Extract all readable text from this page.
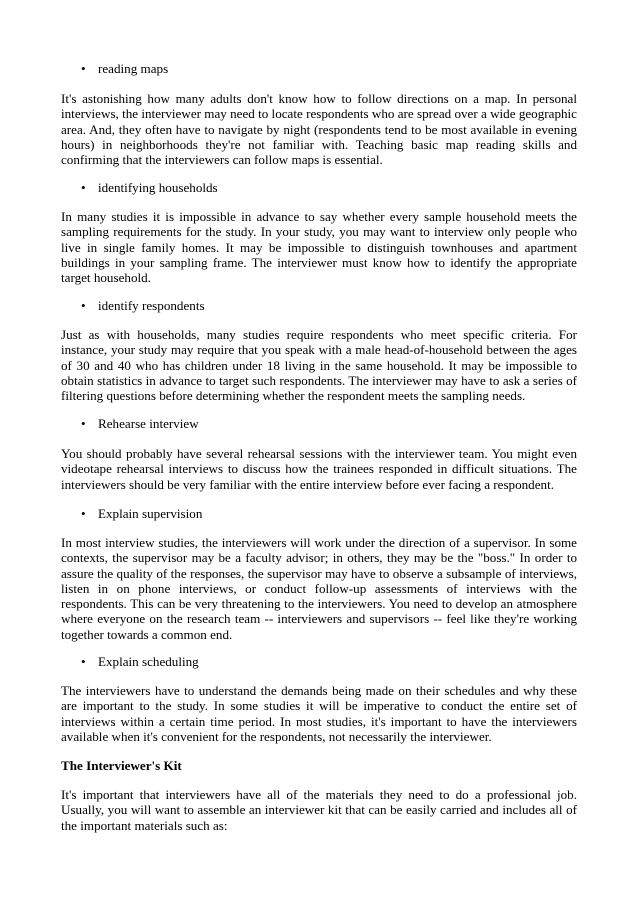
• reading maps

It's astonishing how many adults don't know how to follow directions on a map. In personal interviews, the interviewer may need to locate respondents who are spread over a wide geographic area. And, they often have to navigate by night (respondents tend to be most available in evening hours) in neighborhoods they're not familiar with. Teaching basic map reading skills and confirming that the interviewers can follow maps is essential.

• identifying households

In many studies it is impossible in advance to say whether every sample household meets the sampling requirements for the study. In your study, you may want to interview only people who live in single family homes. It may be impossible to distinguish townhouses and apartment buildings in your sampling frame. The interviewer must know how to identify the appropriate target household.

• identify respondents

Just as with households, many studies require respondents who meet specific criteria. For instance, your study may require that you speak with a male head-of-household between the ages of 30 and 40 who has children under 18 living in the same household. It may be impossible to obtain statistics in advance to target such respondents. The interviewer may have to ask a series of filtering questions before determining whether the respondent meets the sampling needs.

• Rehearse interview

You should probably have several rehearsal sessions with the interviewer team. You might even videotape rehearsal interviews to discuss how the trainees responded in difficult situations. The interviewers should be very familiar with the entire interview before ever facing a respondent.

• Explain supervision

In most interview studies, the interviewers will work under the direction of a supervisor. In some contexts, the supervisor may be a faculty advisor; in others, they may be the "boss." In order to assure the quality of the responses, the supervisor may have to observe a subsample of interviews, listen in on phone interviews, or conduct follow-up assessments of interviews with the respondents. This can be very threatening to the interviewers. You need to develop an atmosphere where everyone on the research team -- interviewers and supervisors -- feel like they're working together towards a common end.

• Explain scheduling

The interviewers have to understand the demands being made on their schedules and why these are important to the study. In some studies it will be imperative to conduct the entire set of interviews within a certain time period. In most studies, it's important to have the interviewers available when it's convenient for the respondents, not necessarily the interviewer.

The Interviewer's Kit

It's important that interviewers have all of the materials they need to do a professional job. Usually, you will want to assemble an interviewer kit that can be easily carried and includes all of the important materials such as:
